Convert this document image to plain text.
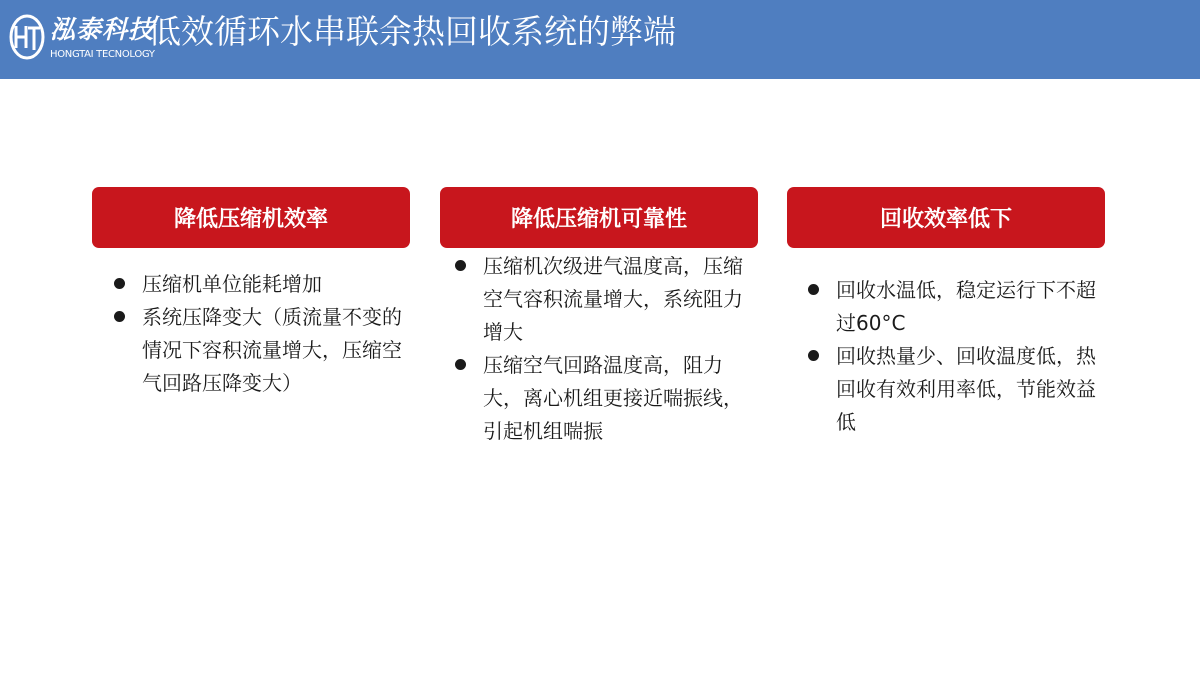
泓泰科技
HONGTAI TECNOLOGY
低效循环水串联余热回收系统的弊端
降低压缩机效率
压缩机单位能耗增加
系统压降变大（质流量不变的情况下容积流量增大，压缩空气回路压降变大）
降低压缩机可靠性
压缩机次级进气温度高，压缩空气容积流量增大，系统阻力增大
压缩空气回路温度高，阻力大，离心机组更接近喘振线，引起机组喘振
回收效率低下
回收水温低，稳定运行下不超过60°C
回收热量少、回收温度低，热回收有效利用率低，节能效益低
